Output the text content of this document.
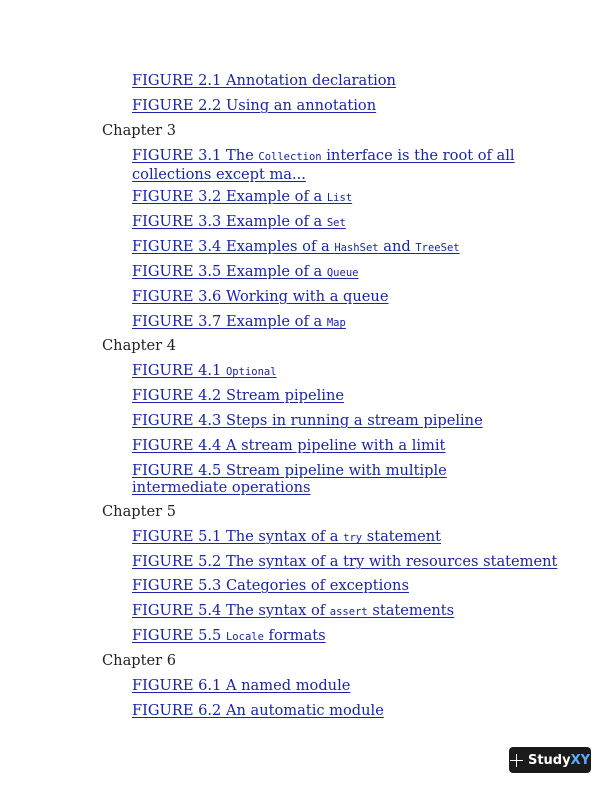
FIGURE 2.1 Annotation declaration
FIGURE 2.2 Using an annotation
Chapter 3
FIGURE 3.1 The Collection interface is the root of all collections except ma...
FIGURE 3.2 Example of a List
FIGURE 3.3 Example of a Set
FIGURE 3.4 Examples of a HashSet and TreeSet
FIGURE 3.5 Example of a Queue
FIGURE 3.6 Working with a queue
FIGURE 3.7 Example of a Map
Chapter 4
FIGURE 4.1 Optional
FIGURE 4.2 Stream pipeline
FIGURE 4.3 Steps in running a stream pipeline
FIGURE 4.4 A stream pipeline with a limit
FIGURE 4.5 Stream pipeline with multiple intermediate operations
Chapter 5
FIGURE 5.1 The syntax of a try statement
FIGURE 5.2 The syntax of a try with resources statement
FIGURE 5.3 Categories of exceptions
FIGURE 5.4 The syntax of assert statements
FIGURE 5.5 Locale formats
Chapter 6
FIGURE 6.1 A named module
FIGURE 6.2 An automatic module
StudyXY
